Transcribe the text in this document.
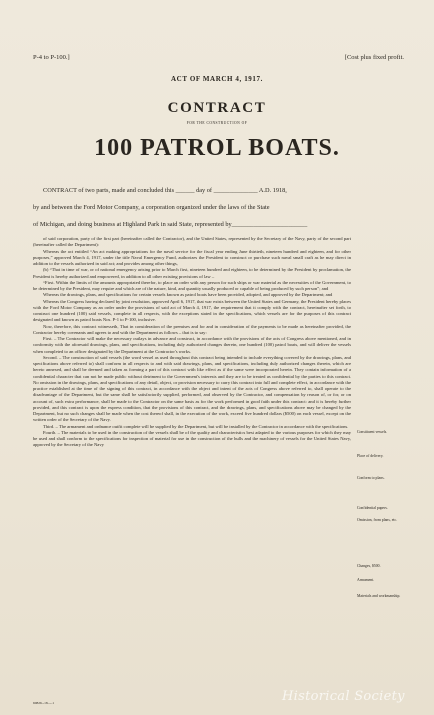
P-4 to P-100.]	[Cost plus fixed profit.
ACT OF MARCH 4, 1917.
CONTRACT
FOR THE CONSTRUCTION OF
100 PATROL BOATS.

CONTRACT of two parts, made and concluded this ______ day of ______________ A.D. 1918,

by and between the Ford Motor Company, a corporation organized under the laws of the State

of Michigan, and doing business at Highland Park in said State, represented by________________________

of said corporation, party of the first part (hereinafter called the Contractor), and the United States, represented by the Secretary of the Navy, party of the second part (hereinafter called the Department):

Whereas the act entitled “An act making appropriations for the naval service for the fiscal year ending June thirtieth, nineteen hundred and eighteen, and for other purposes,” approved March 4, 1917, under the title Naval Emergency Fund, authorizes the President to construct or purchase such naval small craft as he may direct in addition to the vessels authorized in said act; and provides among other things,

(b) “That in time of war, or of national emergency arising prior to March first, nineteen hundred and eighteen, to be determined by the President by proclamation, the President is hereby authorized and empowered, in addition to all other existing provisions of law –

“First. Within the limits of the amounts appropriated therefor, to place an order with any person for such ships or war material as the necessities of the Government, to be determined by the President, may require and which are of the nature, kind, and quantity usually produced or capable of being produced by such person”; and

Whereas the drawings, plans, and specifications for certain vessels known as patrol boats have been provided, adopted, and approved by the Department; and

Whereas the Congress having declared by joint resolution, approved April 6, 1917, that war exists between the United States and Germany, the President hereby places with the Ford Motor Company as an order under the provisions of said act of March 4, 1917, the requirement that it comply with the contract, hereinafter set forth, to construct one hundred (100) said vessels, complete in all respects, with the exceptions stated in the specifications, which vessels are for the purposes of this contract designated and known as patrol boats Nos. P-1 to P-100, inclusive.

Now, therefore, this contract witnesseth, That in consideration of the premises and for and in consideration of the payments to be made as hereinafter provided, the Contractor hereby covenants and agrees to and with the Department as follows – that is to say:

First. – The Contractor will make the necessary outlays in advance and construct, in accordance with the provisions of the acts of Congress above mentioned, and in conformity with the aforesaid drawings, plans, and specifications, including duly authorized changes therein, one hundred (100) patrol boats, and will deliver the vessels when completed to an officer designated by the Department at the Contractor's works.

Second. – The construction of said vessels (the word vessel as used throughout this contract being intended to include everything covered by the drawings, plans, and specifications above referred to) shall conform in all respects to and with said drawings, plans, and specifications, including duly authorized changes therein, which are hereto annexed, and shall be deemed and taken as forming a part of this contract with like effect as if the same were incorporated herein. They contain information of a confidential character that can not be made public without detriment to the Government's interests and they are to be treated as confidential by the parties to this contract. No omission in the drawings, plans, and specifications of any detail, object, or provision necessary to carry this contract into full and complete effect, in accordance with the practice established at the time of the signing of this contract, in accordance with the object and intent of the acts of Congress above referred to, shall operate to the disadvantage of the Department, but the same shall be satisfactorily supplied, performed, and observed by the Contractor, and compensation by reason of, or for, or on account of, such extra performance, shall be made to the Contractor on the same basis as for the work performed in good faith under this contract: and it is hereby further provided, and this contract is upon the express condition, that the provisions of this contract, and the drawings, plans, and specifications above may be changed by the Department, but no such changes shall be made when the cost thereof shall, in the execution of the work, exceed five hundred dollars ($500) on each vessel, except on the written order of the Secretary of the Navy.

Third. – The armament and ordnance outfit complete will be supplied by the Department, but will be installed by the Contractor in accordance with the specifications.

Fourth. – The materials to be used in the construction of the vessels shall be of the quality and characteristics best adapted to the various purposes for which they may be used and shall conform to the specifications for inspection of material for use in the construction of the hulls and the machinery of vessels for the United States Navy, approved by the Secretary of the Navy

Constituent vessels.
Place of delivery.
Conform to plans.
Confidential papers.
Omission, from plans, etc.
Changes, $500.
Armament.
Materials and workmanship.
Historical Society
60826--18----1
